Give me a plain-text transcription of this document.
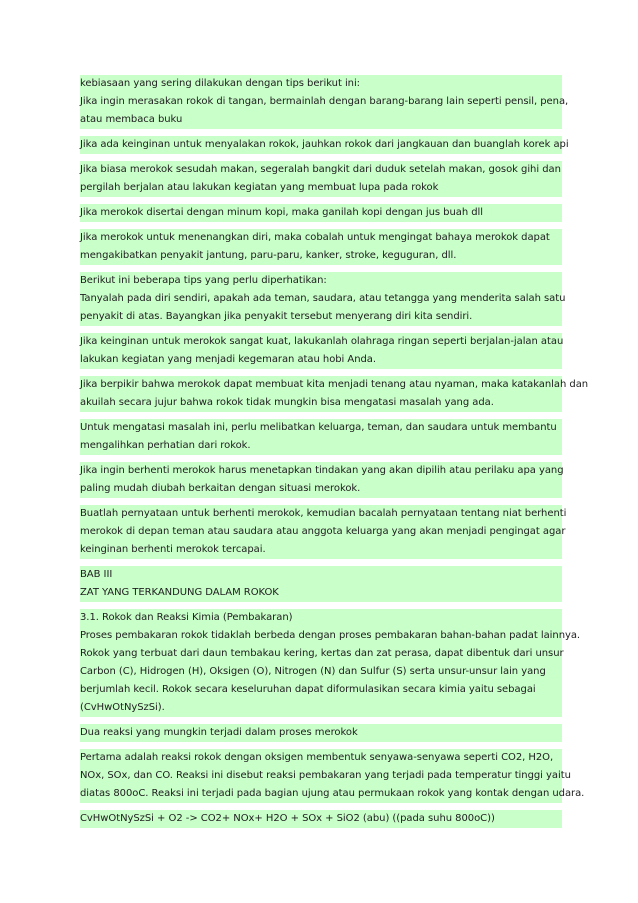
kebiasaan yang sering dilakukan dengan tips berikut ini:
Jika ingin merasakan rokok di tangan, bermainlah dengan barang-barang lain seperti pensil, pena,
atau membaca buku
Jika ada keinginan untuk menyalakan rokok, jauhkan rokok dari jangkauan dan buanglah korek api
Jika biasa merokok sesudah makan, segeralah bangkit dari duduk setelah makan, gosok gihi dan
pergilah berjalan atau lakukan kegiatan yang membuat lupa pada rokok
Jika merokok disertai dengan minum kopi, maka ganilah kopi dengan jus buah dll
Jika merokok untuk menenangkan diri, maka cobalah untuk mengingat bahaya merokok dapat
mengakibatkan penyakit jantung, paru-paru, kanker, stroke, keguguran, dll.
Berikut ini beberapa tips yang perlu diperhatikan:
Tanyalah pada diri sendiri, apakah ada teman, saudara, atau tetangga yang menderita salah satu
penyakit di atas. Bayangkan jika penyakit tersebut menyerang diri kita sendiri.
Jika keinginan untuk merokok sangat kuat, lakukanlah olahraga ringan seperti berjalan-jalan atau
lakukan kegiatan yang menjadi kegemaran atau hobi Anda.
Jika berpikir bahwa merokok dapat membuat kita menjadi tenang atau nyaman, maka katakanlah dan
akuilah secara jujur bahwa rokok tidak mungkin bisa mengatasi masalah yang ada.
Untuk mengatasi masalah ini, perlu melibatkan keluarga, teman, dan saudara untuk membantu
mengalihkan perhatian dari rokok.
Jika ingin berhenti merokok harus menetapkan tindakan yang akan dipilih atau perilaku apa yang
paling mudah diubah berkaitan dengan situasi merokok.
Buatlah pernyataan untuk berhenti merokok, kemudian bacalah pernyataan tentang niat berhenti
merokok di depan teman atau saudara atau anggota keluarga yang akan menjadi pengingat agar
keinginan berhenti merokok tercapai.
BAB III
ZAT YANG TERKANDUNG DALAM ROKOK
3.1. Rokok dan Reaksi Kimia (Pembakaran)
Proses pembakaran rokok tidaklah berbeda dengan proses pembakaran bahan-bahan padat lainnya.
Rokok yang terbuat dari daun tembakau kering, kertas dan zat perasa, dapat dibentuk dari unsur
Carbon (C), Hidrogen (H), Oksigen (O), Nitrogen (N) dan Sulfur (S) serta unsur-unsur lain yang
berjumlah kecil. Rokok secara keseluruhan dapat diformulasikan secara kimia yaitu sebagai
(CvHwOtNySzSi).
Dua reaksi yang mungkin terjadi dalam proses merokok
Pertama adalah reaksi rokok dengan oksigen membentuk senyawa-senyawa seperti CO2, H2O,
NOx, SOx, dan CO. Reaksi ini disebut reaksi pembakaran yang terjadi pada temperatur tinggi yaitu
diatas 800oC. Reaksi ini terjadi pada bagian ujung atau permukaan rokok yang kontak dengan udara.
CvHwOtNySzSi + O2 -> CO2+ NOx+ H2O + SOx + SiO2 (abu) ((pada suhu 800oC))
